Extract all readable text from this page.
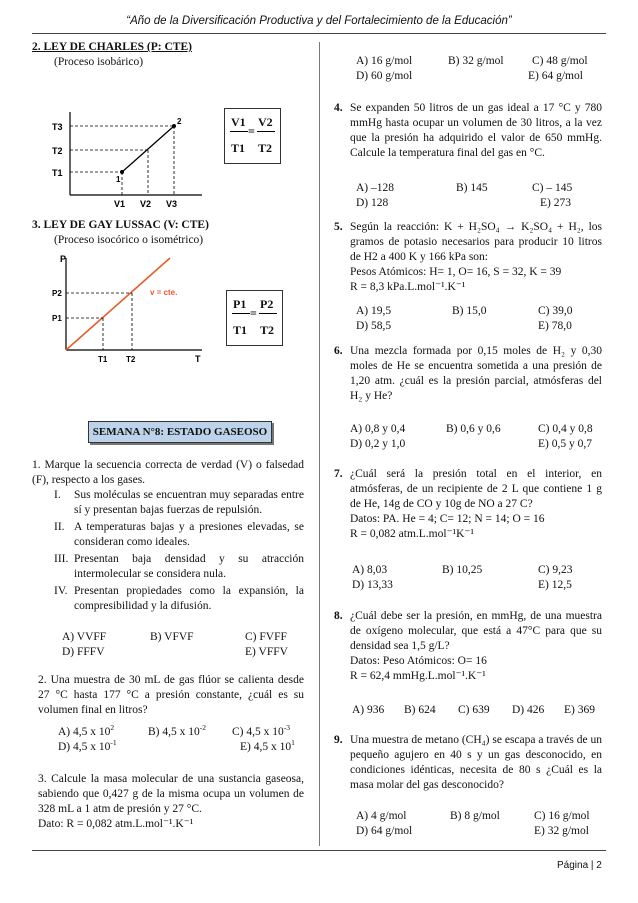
“Año de la Diversificación Productiva y del Fortalecimiento de la Educación”
2. LEY DE CHARLES (P: CTE)
(Proceso isobárico)
T3
T2
T1
V1 V2 V3
1
2	V1 V2
=
T1 T2
3. LEY DE GAY LUSSAC (V: CTE)
(Proceso isocórico o isométrico)
P
P2
P1
T1 T2	T
v = cte.
P1 P2
=
T1 T2
SEMANA N°8: ESTADO GASEOSO
1. Marque la secuencia correcta de verdad (V) o falsedad (F), respecto a los gases.
I.	Sus moléculas se encuentran muy separadas entre sí y presentan bajas fuerzas de repulsión.
II. A temperaturas bajas y a presiones elevadas, se consideran como ideales.
III. Presentan baja densidad y su atracción intermolecular se considera nula.
IV. Presentan propiedades como la expansión, la compresibilidad y la difusión.
A) VVFF	B) VFVF	C) FVFF
D) FFFV	E) VFFV
2. Una muestra de 30 mL de gas flúor se calienta desde 27 °C hasta 177 °C a presión constante, ¿cuál es su volumen final en litros?
A) 4,5 x $10^2$	B) 4,5 x $10^{-2}$ C) 4,5 x $10^{-3}$
D) 4,5 x $10^{-1}$	E) 4,5 x $10^1$
3. Calcule la masa molecular de una sustancia gaseosa, sabiendo que 0,427 g de la misma ocupa un volumen de 328 mL a 1 atm de presión y 27 °C.
Dato: R = 0,082 atm.L.mol⁻¹.K⁻¹
A) 16 g/mol	B) 32 g/mol C) 48 g/mol
D) 60 g/mol	E) 64 g/mol
4. Se expanden 50 litros de un gas ideal a 17 °C y 780 mmHg hasta ocupar un volumen de 30 litros, a la vez que la presión ha adquirido el valor de 650 mmHg. Calcule la temperatura final del gas en °C.
A) –128	B) 145	C) – 145
D) 128	E) 273
5. Según la reacción: K + H₂SO₄ → K₂SO₄ + H₂, los gramos de potasio necesarios para producir 10 litros de H2 a 400 K y 166 kPa son:
Pesos Atómicos: H= 1, O= 16, S = 32, K = 39
R = 8,3 kPa.L.mol⁻¹.K⁻¹
A) 19,5	B) 15,0	C) 39,0
D) 58,5	E) 78,0
6. Una mezcla formada por 0,15 moles de H₂ y 0,30 moles de He se encuentra sometida a una presión de 1,20 atm. ¿cuál es la presión parcial, atmósferas del H₂ y He?
A) 0,8 y 0,4	B) 0,6 y 0,6	C) 0,4 y 0,8
D) 0,2 y 1,0	E) 0,5 y 0,7
7. ¿Cuál será la presión total en el interior, en atmósferas, de un recipiente de 2 L que contiene 1 g de He, 14g de CO y 10g de NO a 27 C?
Datos: PA. He = 4; C= 12; N = 14; O = 16
R = 0,082 atm.L.mol⁻¹K⁻¹
A) 8,03	B) 10,25	C) 9,23
D) 13,33	E) 12,5
8. ¿Cuál debe ser la presión, en mmHg, de una muestra de oxígeno molecular, que está a 47°C para que su densidad sea 1,5 g/L?
Datos: Peso Atómicos: O= 16
R = 62,4 mmHg.L.mol⁻¹.K⁻¹
A) 936 B) 624 C) 639 D) 426 E) 369
9. Una muestra de metano (CH₄) se escapa a través de un pequeño agujero en 40 s y un gas desconocido, en condiciones idénticas, necesita de 80 s ¿Cuál es la masa molar del gas desconocido?
A) 4 g/mol	B) 8 g/mol	C) 16 g/mol
D) 64 g/mol	E) 32 g/mol
Página | 2
